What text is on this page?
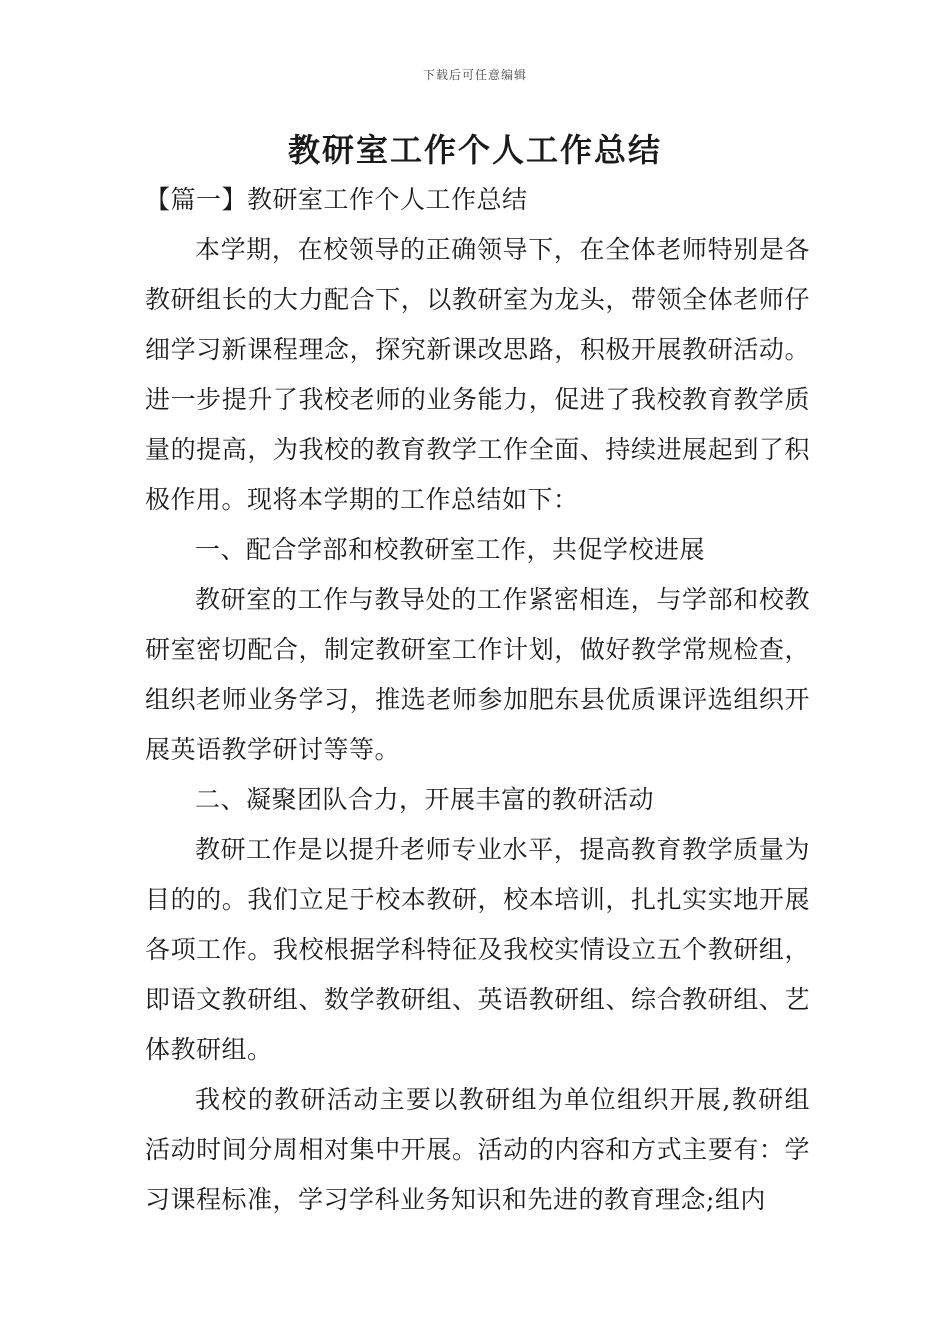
下载后可任意编辑
教研室工作个人工作总结

【篇一】教研室工作个人工作总结

本学期，在校领导的正确领导下，在全体老师特别是各教研组长的大力配合下，以教研室为龙头，带领全体老师仔细学习新课程理念，探究新课改思路，积极开展教研活动。进一步提升了我校老师的业务能力，促进了我校教育教学质量的提高，为我校的教育教学工作全面、持续进展起到了积极作用。现将本学期的工作总结如下：

一、配合学部和校教研室工作，共促学校进展

教研室的工作与教导处的工作紧密相连，与学部和校教研室密切配合，制定教研室工作计划，做好教学常规检查，组织老师业务学习，推选老师参加肥东县优质课评选组织开展英语教学研讨等等。

二、凝聚团队合力，开展丰富的教研活动

教研工作是以提升老师专业水平，提高教育教学质量为目的的。我们立足于校本教研，校本培训，扎扎实实地开展各项工作。我校根据学科特征及我校实情设立五个教研组，即语文教研组、数学教研组、英语教研组、综合教研组、艺体教研组。

我校的教研活动主要以教研组为单位组织开展,教研组活动时间分周相对集中开展。活动的内容和方式主要有：学习课程标准，学习学科业务知识和先进的教育理念;组内
